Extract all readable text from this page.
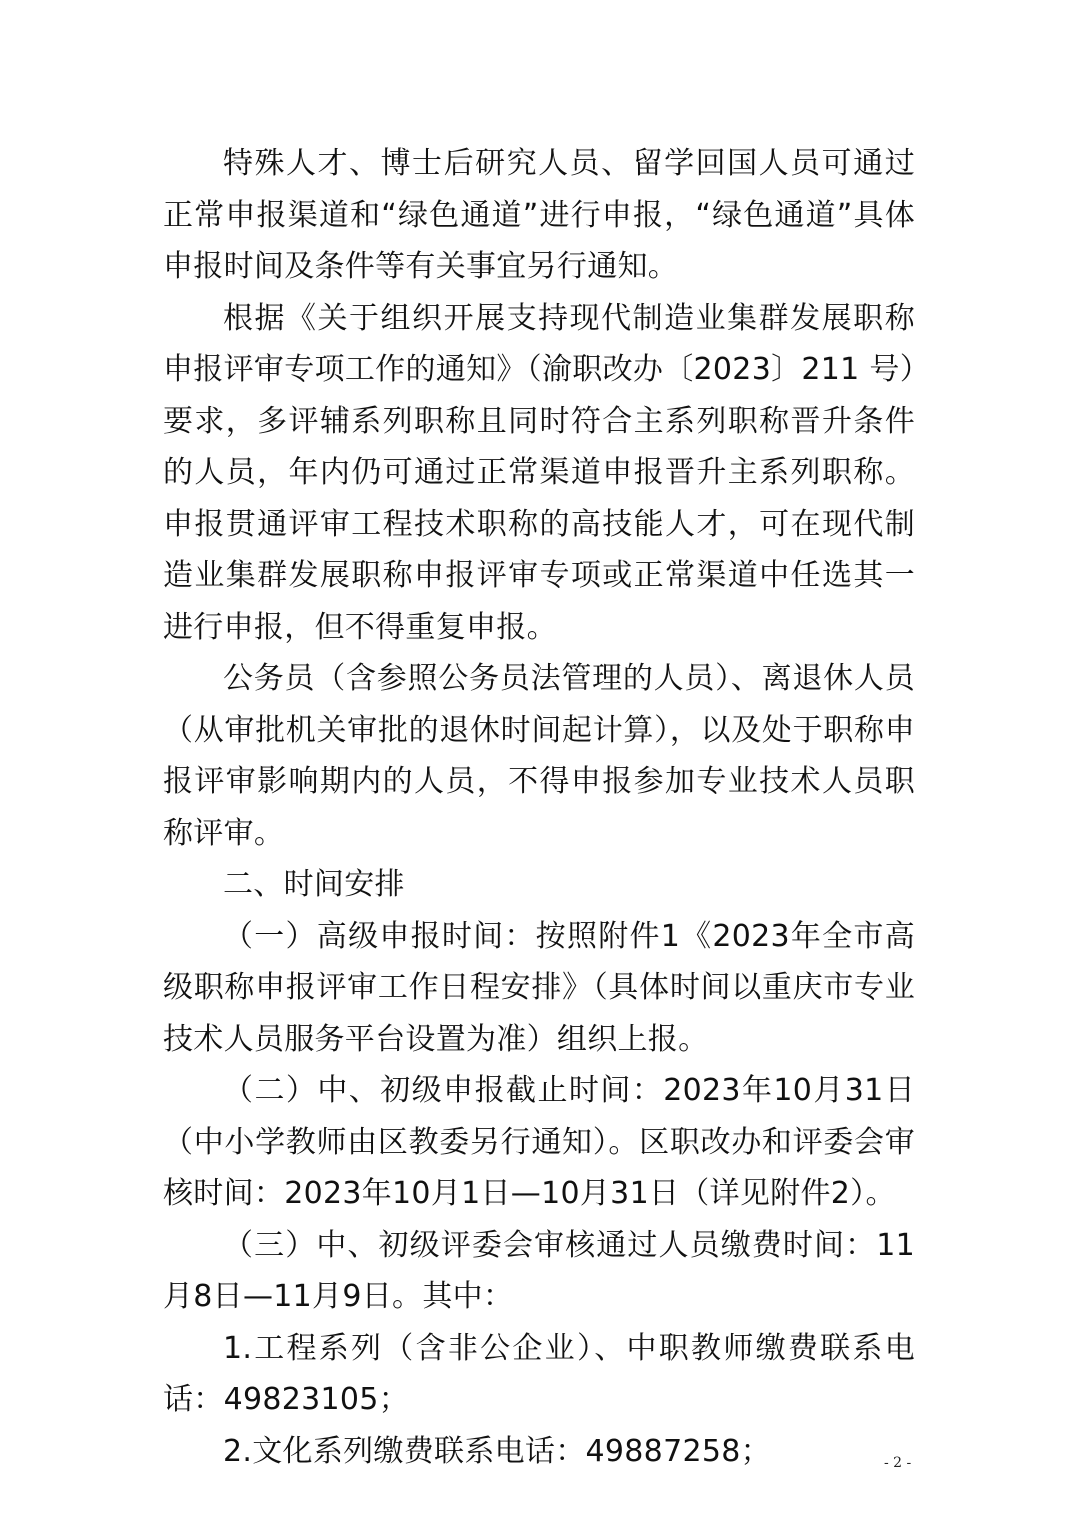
特殊人才、博士后研究人员、留学回国人员可通过正常申报渠道和“绿色通道”进行申报，“绿色通道”具体申报时间及条件等有关事宜另行通知。

根据《关于组织开展支持现代制造业集群发展职称申报评审专项工作的通知》（渝职改办〔2023〕211 号）要求，多评辅系列职称且同时符合主系列职称晋升条件的人员，年内仍可通过正常渠道申报晋升主系列职称。申报贯通评审工程技术职称的高技能人才，可在现代制造业集群发展职称申报评审专项或正常渠道中任选其一进行申报，但不得重复申报。

公务员（含参照公务员法管理的人员）、离退休人员（从审批机关审批的退休时间起计算），以及处于职称申报评审影响期内的人员，不得申报参加专业技术人员职称评审。

二、时间安排

（一）高级申报时间：按照附件1《2023年全市高级职称申报评审工作日程安排》（具体时间以重庆市专业技术人员服务平台设置为准）组织上报。

（二）中、初级申报截止时间：2023年10月31日（中小学教师由区教委另行通知）。区职改办和评委会审核时间：2023年10月1日—10月31日（详见附件2）。

（三）中、初级评委会审核通过人员缴费时间：11月8日—11月9日。其中：

1.工程系列（含非公企业）、中职教师缴费联系电话：49823105；

2.文化系列缴费联系电话：49887258；	- 2 -
